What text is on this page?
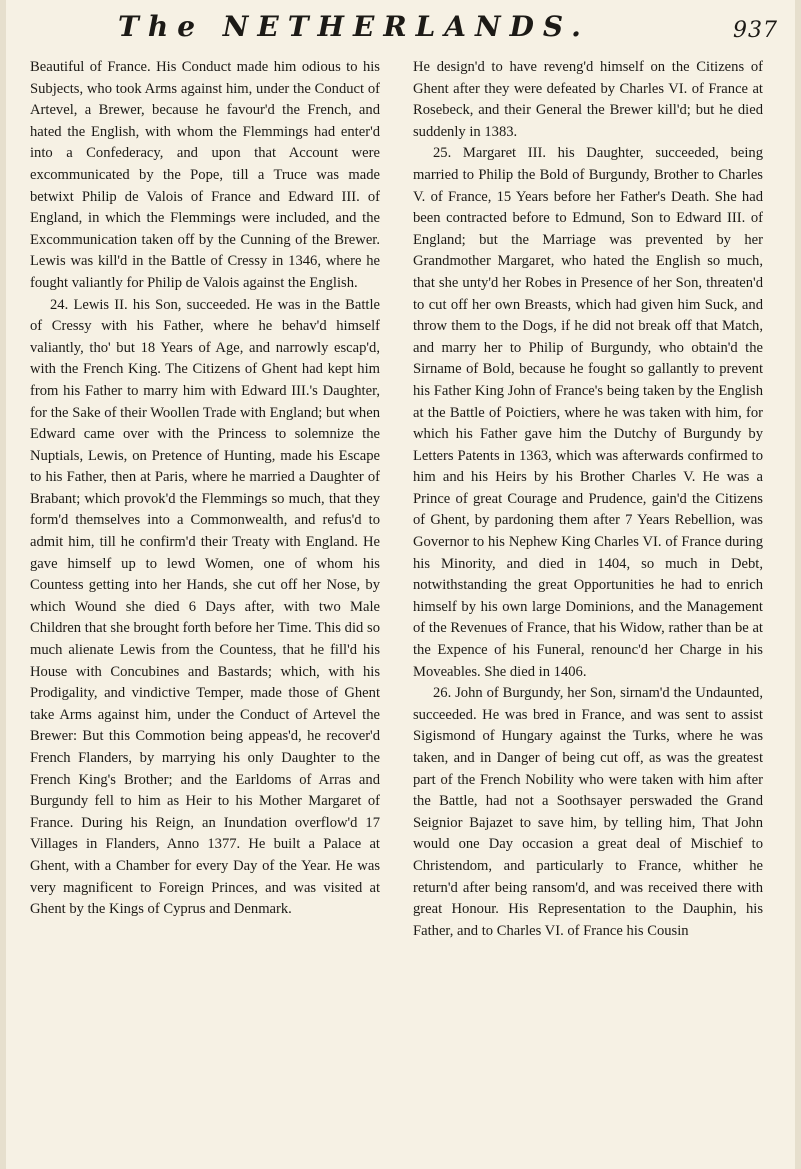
The NETHERLANDS.	937

Beautiful of France. His Conduct made him odious to his Subjects, who took Arms against him, under the Conduct of Artevel, a Brewer, because he favour'd the French, and hated the English, with whom the Flemmings had enter'd into a Confederacy, and upon that Account were excommunicated by the Pope, till a Truce was made betwixt Philip de Valois of France and Edward III. of England, in which the Flemmings were included, and the Excommunication taken off by the Cunning of the Brewer. Lewis was kill'd in the Battle of Cressy in 1346, where he fought valiantly for Philip de Valois against the English.

24. Lewis II. his Son, succeeded. He was in the Battle of Cressy with his Father, where he behav'd himself valiantly, tho' but 18 Years of Age, and narrowly escap'd, with the French King. The Citizens of Ghent had kept him from his Father to marry him with Edward III.'s Daughter, for the Sake of their Woollen Trade with England; but when Edward came over with the Princess to solemnize the Nuptials, Lewis, on Pretence of Hunting, made his Escape to his Father, then at Paris, where he married a Daughter of Brabant; which provok'd the Flemmings so much, that they form'd themselves into a Commonwealth, and refus'd to admit him, till he confirm'd their Treaty with England. He gave himself up to lewd Women, one of whom his Countess getting into her Hands, she cut off her Nose, by which Wound she died 6 Days after, with two Male Children that she brought forth before her Time. This did so much alienate Lewis from the Countess, that he fill'd his House with Concubines and Bastards; which, with his Prodigality, and vindictive Temper, made those of Ghent take Arms against him, under the Conduct of Artevel the Brewer: But this Commotion being appeas'd, he recover'd French Flanders, by marrying his only Daughter to the French King's Brother; and the Earldoms of Arras and Burgundy fell to him as Heir to his Mother Margaret of France. During his Reign, an Inundation overflow'd 17 Villages in Flanders, Anno 1377. He built a Palace at Ghent, with a Chamber for every Day of the Year. He was very magnificent to Foreign Princes, and was visited at Ghent by the Kings of Cyprus and Denmark.

He design'd to have reveng'd himself on the Citizens of Ghent after they were defeated by Charles VI. of France at Rosebeck, and their General the Brewer kill'd; but he died suddenly in 1383.

25. Margaret III. his Daughter, succeeded, being married to Philip the Bold of Burgundy, Brother to Charles V. of France, 15 Years before her Father's Death. She had been contracted before to Edmund, Son to Edward III. of England; but the Marriage was prevented by her Grandmother Margaret, who hated the English so much, that she unty'd her Robes in Presence of her Son, threaten'd to cut off her own Breasts, which had given him Suck, and throw them to the Dogs, if he did not break off that Match, and marry her to Philip of Burgundy, who obtain'd the Sirname of Bold, because he fought so gallantly to prevent his Father King John of France's being taken by the English at the Battle of Poictiers, where he was taken with him, for which his Father gave him the Dutchy of Burgundy by Letters Patents in 1363, which was afterwards confirmed to him and his Heirs by his Brother Charles V. He was a Prince of great Courage and Prudence, gain'd the Citizens of Ghent, by pardoning them after 7 Years Rebellion, was Governor to his Nephew King Charles VI. of France during his Minority, and died in 1404, so much in Debt, notwithstanding the great Opportunities he had to enrich himself by his own large Dominions, and the Management of the Revenues of France, that his Widow, rather than be at the Expence of his Funeral, renounc'd her Charge in his Moveables. She died in 1406.

26. John of Burgundy, her Son, sirnam'd the Undaunted, succeeded. He was bred in France, and was sent to assist Sigismond of Hungary against the Turks, where he was taken, and in Danger of being cut off, as was the greatest part of the French Nobility who were taken with him after the Battle, had not a Soothsayer perswaded the Grand Seignior Bajazet to save him, by telling him, That John would one Day occasion a great deal of Mischief to Christendom, and particularly to France, whither he return'd after being ransom'd, and was received there with great Honour. His Representation to the Dauphin, his Father, and to Charles VI. of France his Cousin
